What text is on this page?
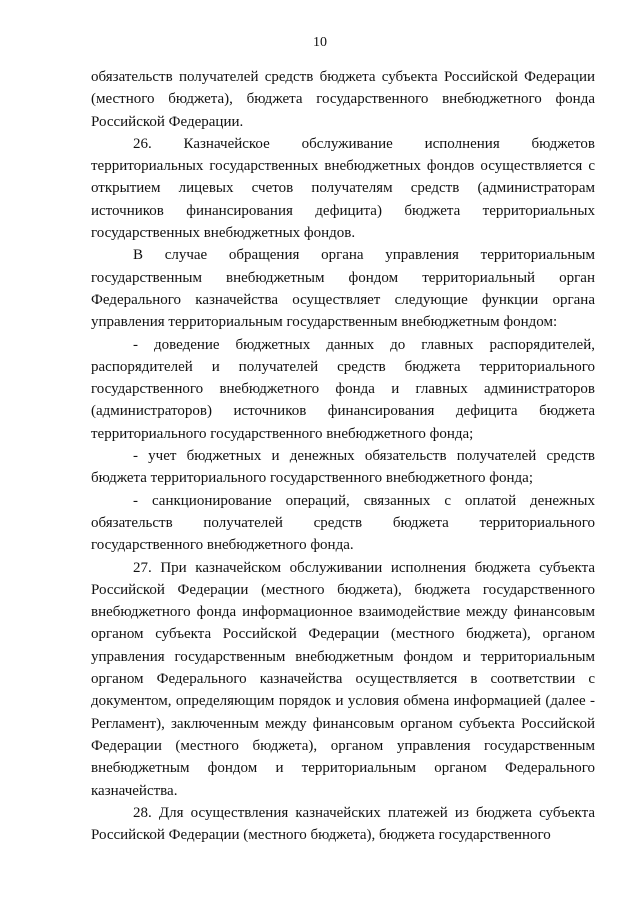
10

обязательств получателей средств бюджета субъекта Российской Федерации (местного бюджета), бюджета государственного внебюджетного фонда Российской Федерации.

26. Казначейское обслуживание исполнения бюджетов территориальных государственных внебюджетных фондов осуществляется с открытием лицевых счетов получателям средств (администраторам источников финансирования дефицита) бюджета территориальных государственных внебюджетных фондов.

В случае обращения органа управления территориальным государственным внебюджетным фондом территориальный орган Федерального казначейства осуществляет следующие функции органа управления территориальным государственным внебюджетным фондом:

- доведение бюджетных данных до главных распорядителей, распорядителей и получателей средств бюджета территориального государственного внебюджетного фонда и главных администраторов (администраторов) источников финансирования дефицита бюджета территориального государственного внебюджетного фонда;

- учет бюджетных и денежных обязательств получателей средств бюджета территориального государственного внебюджетного фонда;

- санкционирование операций, связанных с оплатой денежных обязательств получателей средств бюджета территориального государственного внебюджетного фонда.

27. При казначейском обслуживании исполнения бюджета субъекта Российской Федерации (местного бюджета), бюджета государственного внебюджетного фонда информационное взаимодействие между финансовым органом субъекта Российской Федерации (местного бюджета), органом управления государственным внебюджетным фондом и территориальным органом Федерального казначейства осуществляется в соответствии с документом, определяющим порядок и условия обмена информацией (далее - Регламент), заключенным между финансовым органом субъекта Российской Федерации (местного бюджета), органом управления государственным внебюджетным фондом и территориальным органом Федерального казначейства.

28. Для осуществления казначейских платежей из бюджета субъекта Российской Федерации (местного бюджета), бюджета государственного
